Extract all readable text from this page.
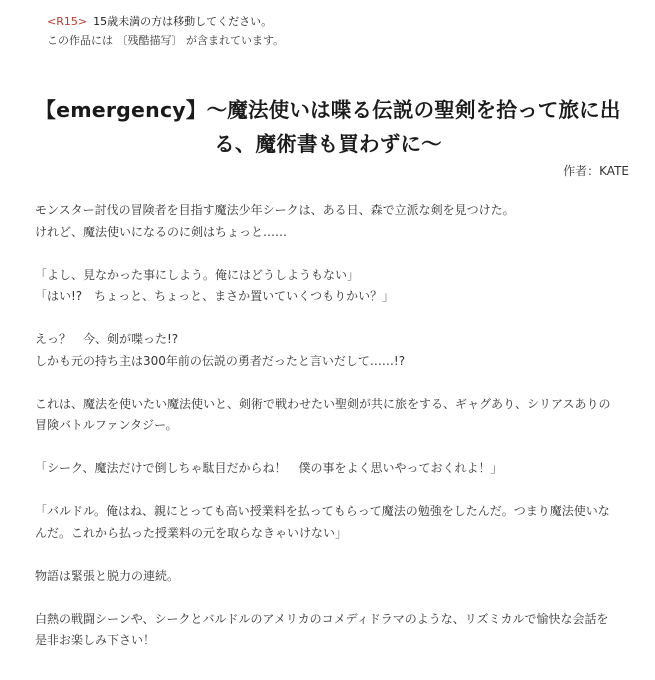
< R15 > 15歳未満の方は移動してください。
この作品には 〔残酷描写〕 が含まれています。
【emergency】〜魔法使いは喋る伝説の聖剣を拾って旅に出る、魔術書も買わずに〜
作者 ： KATE

モンスター討伐の冒険者を目指す魔法少年シークは、ある日、森で立派な剣を見つけた。

けれど、魔法使いになるのに剣はちょっと……

「よし、見なかった事にしよう。俺にはどうしようもない」

「はい!?　ちょっと、ちょっと、まさか置いていくつもりかい？」

えっ？　今、剣が喋った!?

しかも元の持ち主は300年前の伝説の勇者だったと言いだして……!?

これは、魔法を使いたい魔法使いと、剣術で戦わせたい聖剣が共に旅をする、ギャグあり、シリアスありの

冒険バトルファンタジー。

「シーク、魔法だけで倒しちゃ駄目だからね！　僕の事をよく思いやっておくれよ！」

「バルドル。俺はね、親にとっても高い授業料を払ってもらって魔法の勉強をしたんだ。つまり魔法使いな

んだ。これから払った授業料の元を取らなきゃいけない」

物語は緊張と脱力の連続。

白熱の戦闘シーンや、シークとバルドルのアメリカのコメディドラマのような、リズミカルで愉快な会話を

是非お楽しみ下さい！
